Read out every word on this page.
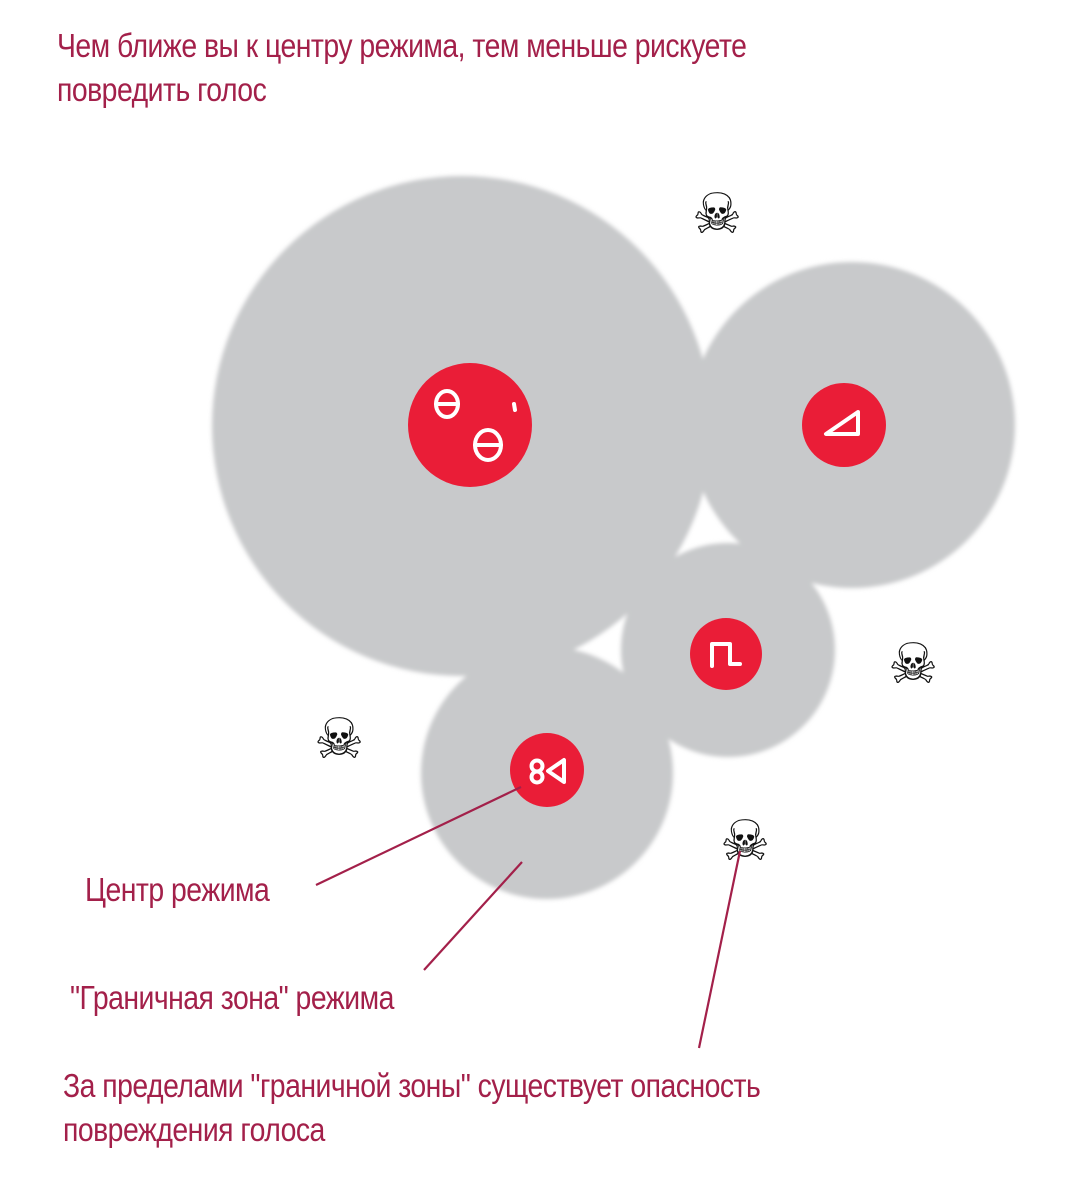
☠
☠
☠
☠
Чем ближе вы к центру режима, тем меньше рискуете
повредить голос
Центр режима
"Граничная зона" режима
За пределами "граничной зоны" существует опасность
повреждения голоса
